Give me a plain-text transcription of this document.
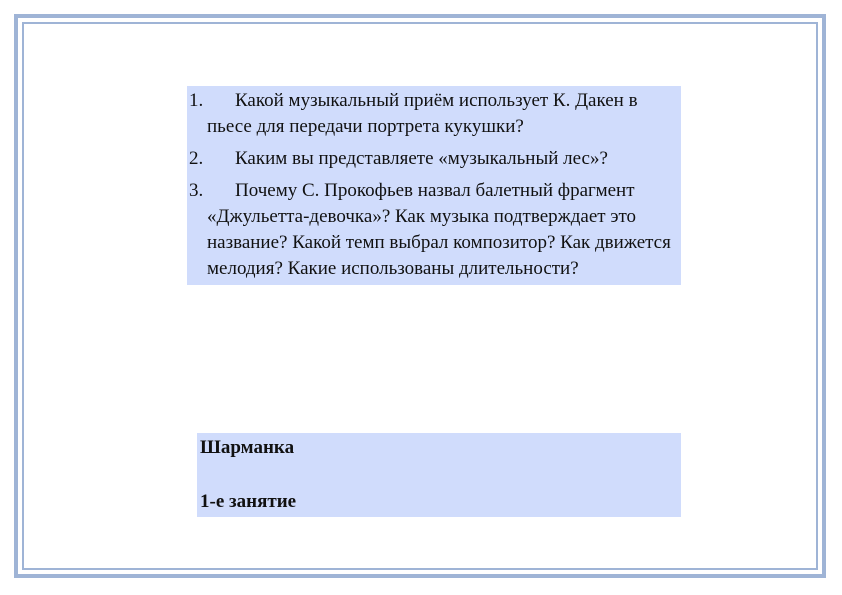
1.	Какой музыкальный приём использует К. Дакен в пьесе для передачи портрета кукушки?
2.	Каким вы представляете «музыкальный лес»?
3.	Почему С. Прокофьев назвал балетный фрагмент «Джульетта-девочка»? Как музыка подтверждает это название? Какой темп выбрал композитор? Как движется мелодия? Какие использованы длительности?
Шарманка
1-е занятие
